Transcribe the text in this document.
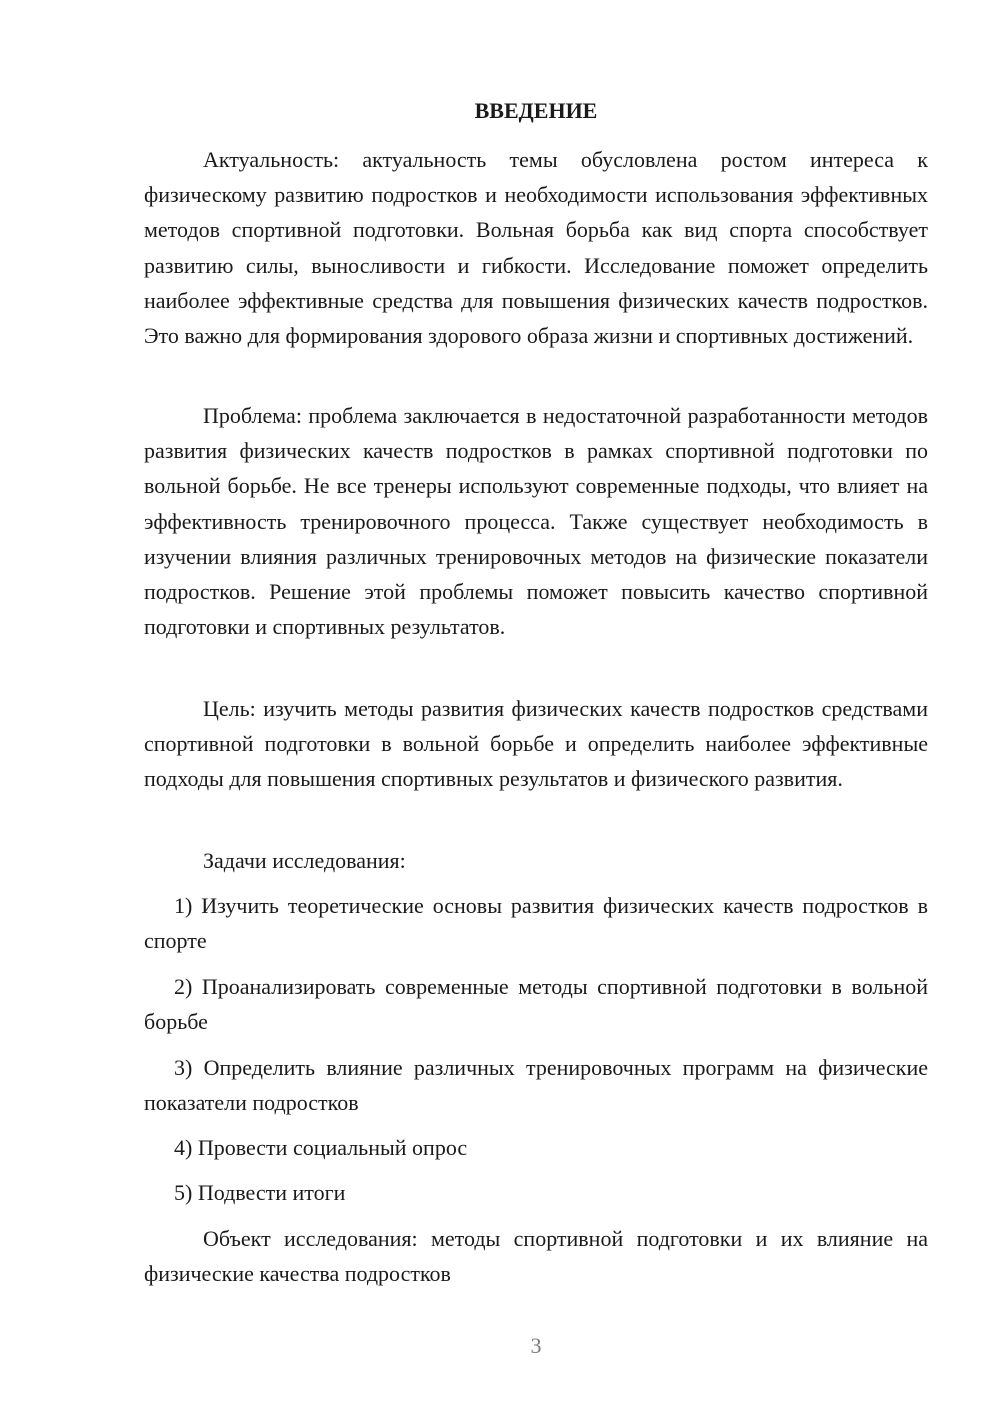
ВВЕДЕНИЕ

Актуальность: актуальность темы обусловлена ростом интереса к физическому развитию подростков и необходимости использования эффективных методов спортивной подготовки. Вольная борьба как вид спорта способствует развитию силы, выносливости и гибкости. Исследование поможет определить наиболее эффективные средства для повышения физических качеств подростков. Это важно для формирования здорового образа жизни и спортивных достижений.

Проблема: проблема заключается в недостаточной разработанности методов развития физических качеств подростков в рамках спортивной подготовки по вольной борьбе. Не все тренеры используют современные подходы, что влияет на эффективность тренировочного процесса. Также существует необходимость в изучении влияния различных тренировочных методов на физические показатели подростков. Решение этой проблемы поможет повысить качество спортивной подготовки и спортивных результатов.

Цель: изучить методы развития физических качеств подростков средствами спортивной подготовки в вольной борьбе и определить наиболее эффективные подходы для повышения спортивных результатов и физического развития.

Задачи исследования:

1) Изучить теоретические основы развития физических качеств подростков в спорте

2) Проанализировать современные методы спортивной подготовки в вольной борьбе

3) Определить влияние различных тренировочных программ на физические показатели подростков

4) Провести социальный опрос

5) Подвести итоги

Объект исследования: методы спортивной подготовки и их влияние на физические качества подростков

3
